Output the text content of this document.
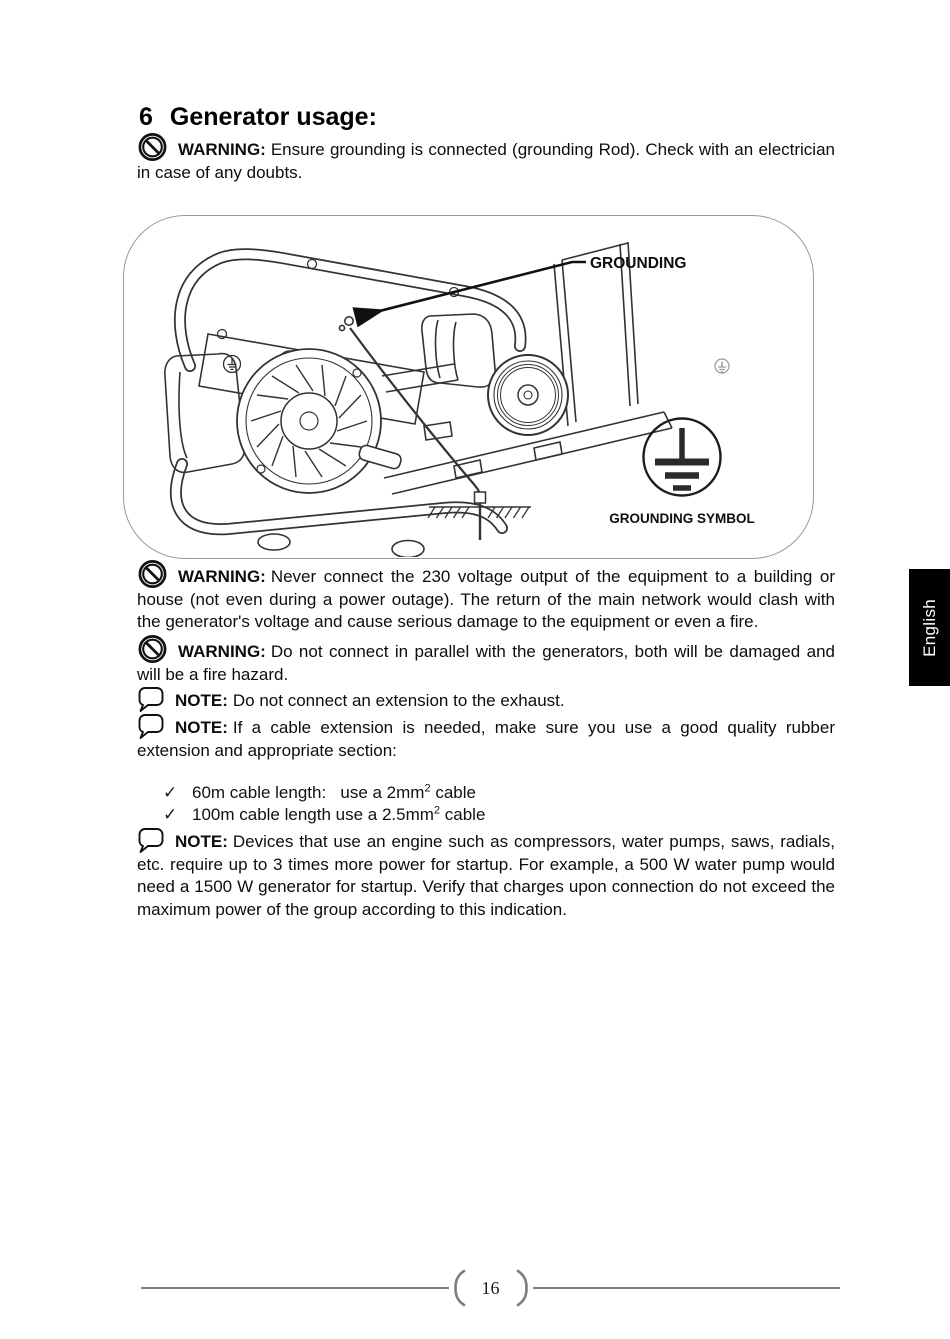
6 Generator usage:

WARNING: Ensure grounding is connected (grounding Rod). Check with an electrician in case of any doubts.

GROUNDING
GROUNDING SYMBOL

WARNING: Never connect the 230 voltage output of the equipment to a building or house (not even during a power outage). The return of the main network would clash with the generator's voltage and cause serious damage to the equipment or even a fire.

WARNING: Do not connect in parallel with the generators, both will be damaged and will be a fire hazard.

NOTE: Do not connect an extension to the exhaust.

NOTE: If a cable extension is needed, make sure you use a good quality rubber extension and appropriate section:

✓ 60m cable length:   use a $2mm^2$ cable
✓ 100m cable length use a $2.5mm^2$ cable

NOTE: Devices that use an engine such as compressors, water pumps, saws, radials, etc. require up to 3 times more power for startup. For example, a 500 W water pump would need a 1500 W generator for startup. Verify that charges upon connection do not exceed the maximum power of the group according to this indication.

16
English
